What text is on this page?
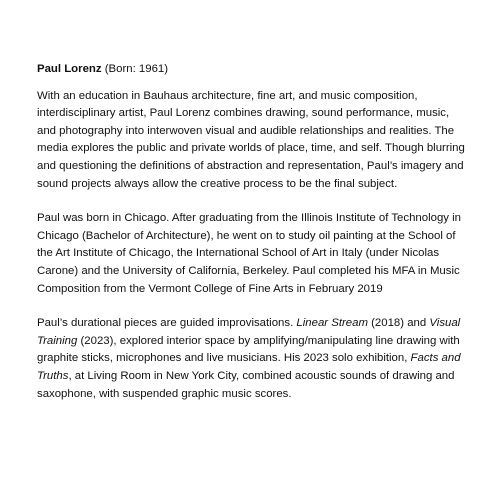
Paul Lorenz (Born: 1961)

With an education in Bauhaus architecture, fine art, and music composition, interdisciplinary artist, Paul Lorenz combines drawing, sound performance, music, and photography into interwoven visual and audible relationships and realities. The media explores the public and private worlds of place, time, and self. Though blurring and questioning the definitions of abstraction and representation, Paul’s imagery and sound projects always allow the creative process to be the final subject.

Paul was born in Chicago. After graduating from the Illinois Institute of Technology in Chicago (Bachelor of Architecture), he went on to study oil painting at the School of the Art Institute of Chicago, the International School of Art in Italy (under Nicolas Carone) and the University of California, Berkeley. Paul completed his MFA in Music Composition from the Vermont College of Fine Arts in February 2019

Paul’s durational pieces are guided improvisations. Linear Stream (2018) and Visual Training (2023), explored interior space by amplifying/manipulating line drawing with graphite sticks, microphones and live musicians. His 2023 solo exhibition, Facts and Truths, at Living Room in New York City, combined acoustic sounds of drawing and saxophone, with suspended graphic music scores.
